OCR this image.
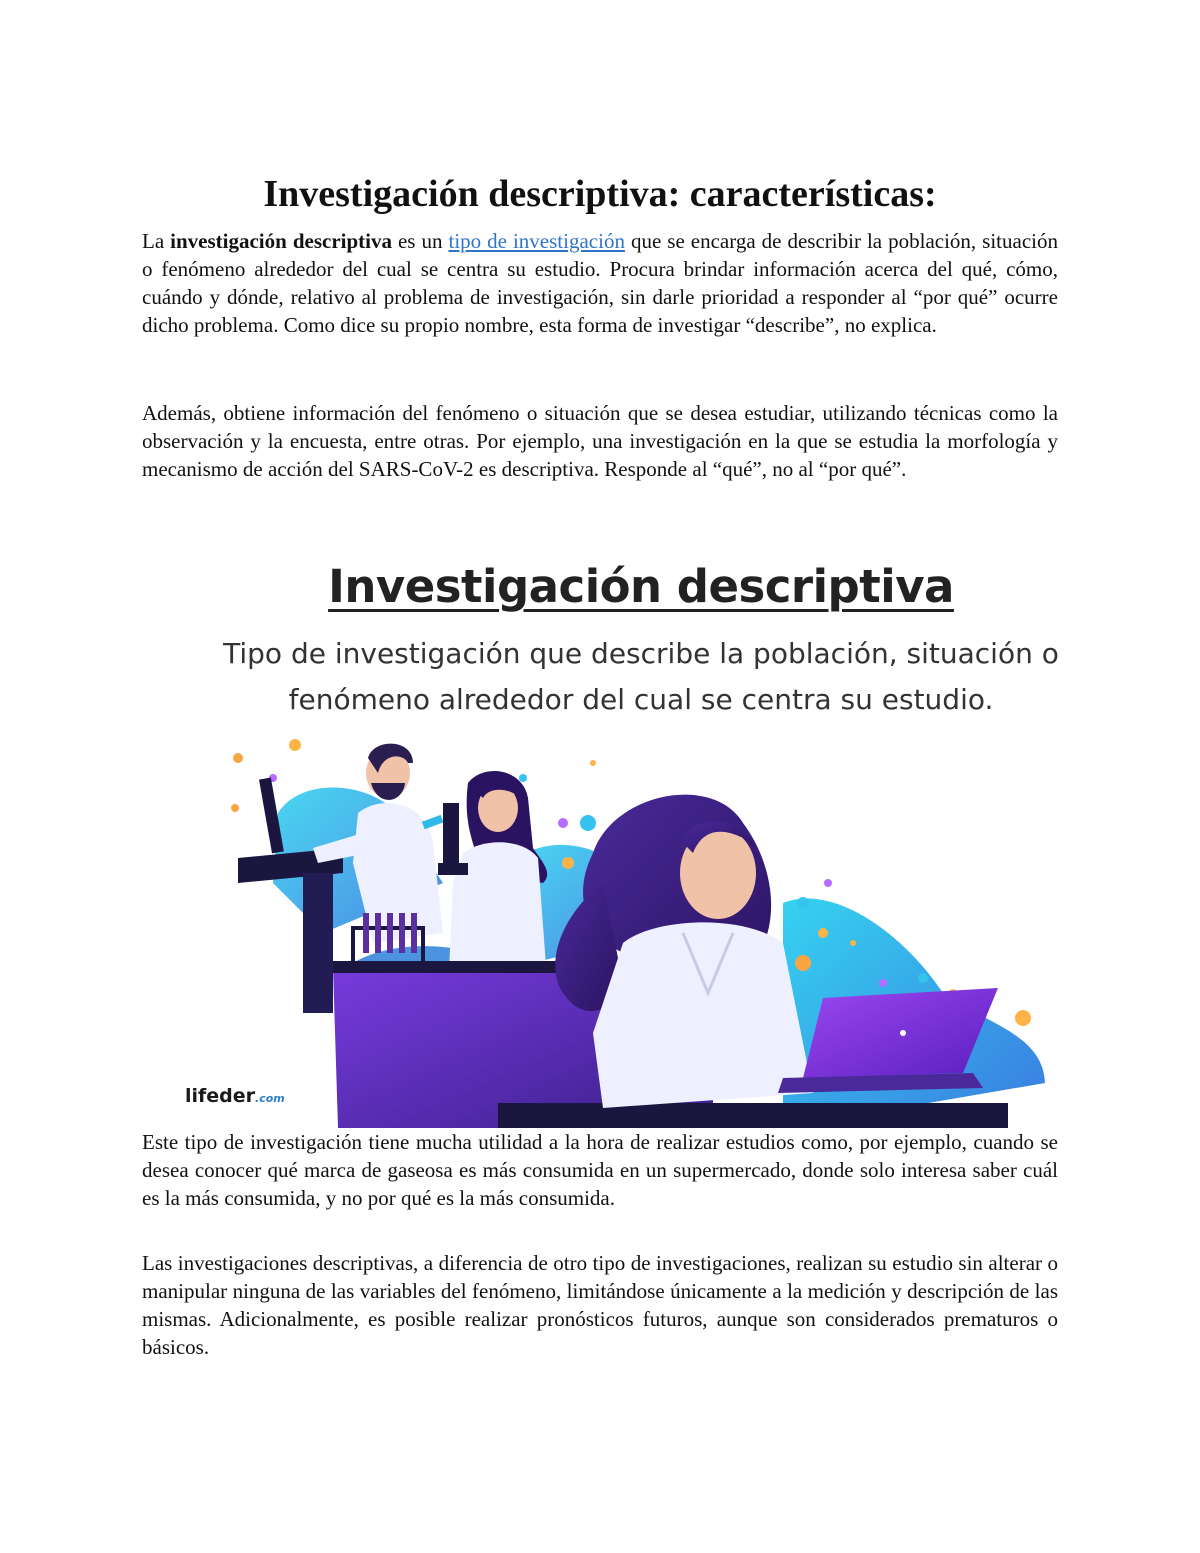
Investigación descriptiva: características:

La investigación descriptiva es un tipo de investigación que se encarga de describir la población, situación o fenómeno alrededor del cual se centra su estudio. Procura brindar información acerca del qué, cómo, cuándo y dónde, relativo al problema de investigación, sin darle prioridad a responder al “por qué” ocurre dicho problema. Como dice su propio nombre, esta forma de investigar “describe”, no explica.

Además, obtiene información del fenómeno o situación que se desea estudiar, utilizando técnicas como la observación y la encuesta, entre otras. Por ejemplo, una investigación en la que se estudia la morfología y mecanismo de acción del SARS-CoV-2 es descriptiva. Responde al “qué”, no al “por qué”.

Investigación descriptiva
Tipo de investigación que describe la población, situación o
fenómeno alrededor del cual se centra su estudio.
lifeder.com

Este tipo de investigación tiene mucha utilidad a la hora de realizar estudios como, por ejemplo, cuando se desea conocer qué marca de gaseosa es más consumida en un supermercado, donde solo interesa saber cuál es la más consumida, y no por qué es la más consumida.

Las investigaciones descriptivas, a diferencia de otro tipo de investigaciones, realizan su estudio sin alterar o manipular ninguna de las variables del fenómeno, limitándose únicamente a la medición y descripción de las mismas. Adicionalmente, es posible realizar pronósticos futuros, aunque son considerados prematuros o básicos.
